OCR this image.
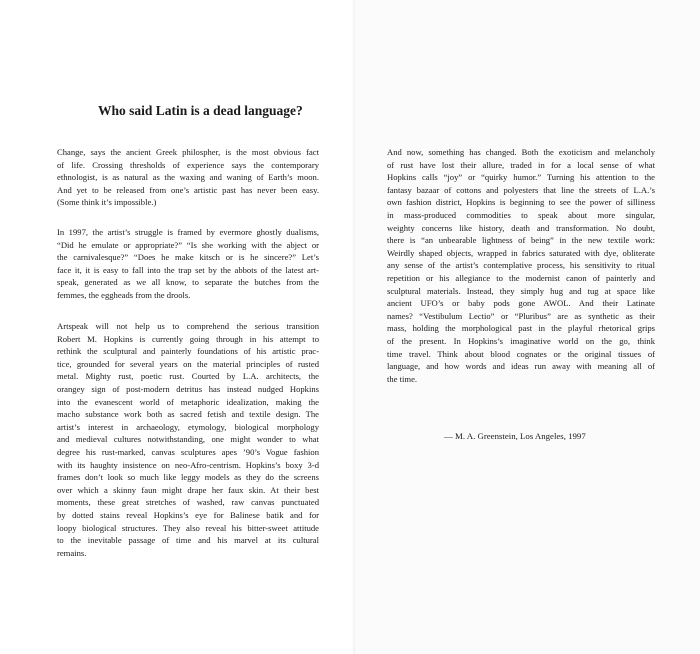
Who said Latin is a dead language?

Change, says the ancient Greek philospher, is the most obvious fact
of life. Crossing thresholds of experience says the contemporary
ethnologist, is as natural as the waxing and waning of Earth’s moon.
And yet to be released from one’s artistic past has never been easy.
(Some think it’s impossible.)

In 1997, the artist’s struggle is framed by evermore ghostly dualisms,
“Did he emulate or appropriate?” “Is she working with the abject or
the carnivalesque?” “Does he make kitsch or is he sincere?” Let’s
face it, it is easy to fall into the trap set by the abbots of the latest art-
speak, generated as we all know, to separate the butches from the
femmes, the eggheads from the drools.

Artspeak will not help us to comprehend the serious transition
Robert M. Hopkins is currently going through in his attempt to
rethink the sculptural and painterly foundations of his artistic prac-
tice, grounded for several years on the material principles of rusted
metal. Mighty rust, poetic rust. Courted by L.A. architects, the
orangey sign of post-modern detritus has instead nudged Hopkins
into the evanescent world of metaphoric idealization, making the
macho substance work both as sacred fetish and textile design. The
artist’s interest in archaeology, etymology, biological morphology
and medieval cultures notwithstanding, one might wonder to what
degree his rust-marked, canvas sculptures apes ’90’s Vogue fashion
with its haughty insistence on neo-Afro-centrism. Hopkins’s boxy 3-d
frames don’t look so much like leggy models as they do the screens
over which a skinny faun might drape her faux skin. At their best
moments, these great stretches of washed, raw canvas punctuated
by dotted stains reveal Hopkins’s eye for Balinese batik and for
loopy biological structures. They also reveal his bitter-sweet attitude
to the inevitable passage of time and his marvel at its cultural
remains.

And now, something has changed. Both the exoticism and melancholy
of rust have lost their allure, traded in for a local sense of what
Hopkins calls “joy” or “quirky humor.” Turning his attention to the
fantasy bazaar of cottons and polyesters that line the streets of L.A.’s
own fashion district, Hopkins is beginning to see the power of silliness
in mass-produced commodities to speak about more singular,
weighty concerns like history, death and transformation. No doubt,
there is “an unbearable lightness of being” in the new textile work:
Weirdly shaped objects, wrapped in fabrics saturated with dye, obliterate
any sense of the artist’s contemplative process, his sensitivity to ritual
repetition or his allegiance to the modernist canon of painterly and
sculptural materials. Instead, they simply hug and tug at space like
ancient UFO’s or baby pods gone AWOL. And their Latinate
names? “Vestibulum Lectio” or “Pluribus” are as synthetic as their
mass, holding the morphological past in the playful rhetorical grips
of the present. In Hopkins’s imaginative world on the go, think
time travel. Think about blood cognates or the original tissues of
language, and how words and ideas run away with meaning all of
the time.

— M. A. Greenstein, Los Angeles, 1997
